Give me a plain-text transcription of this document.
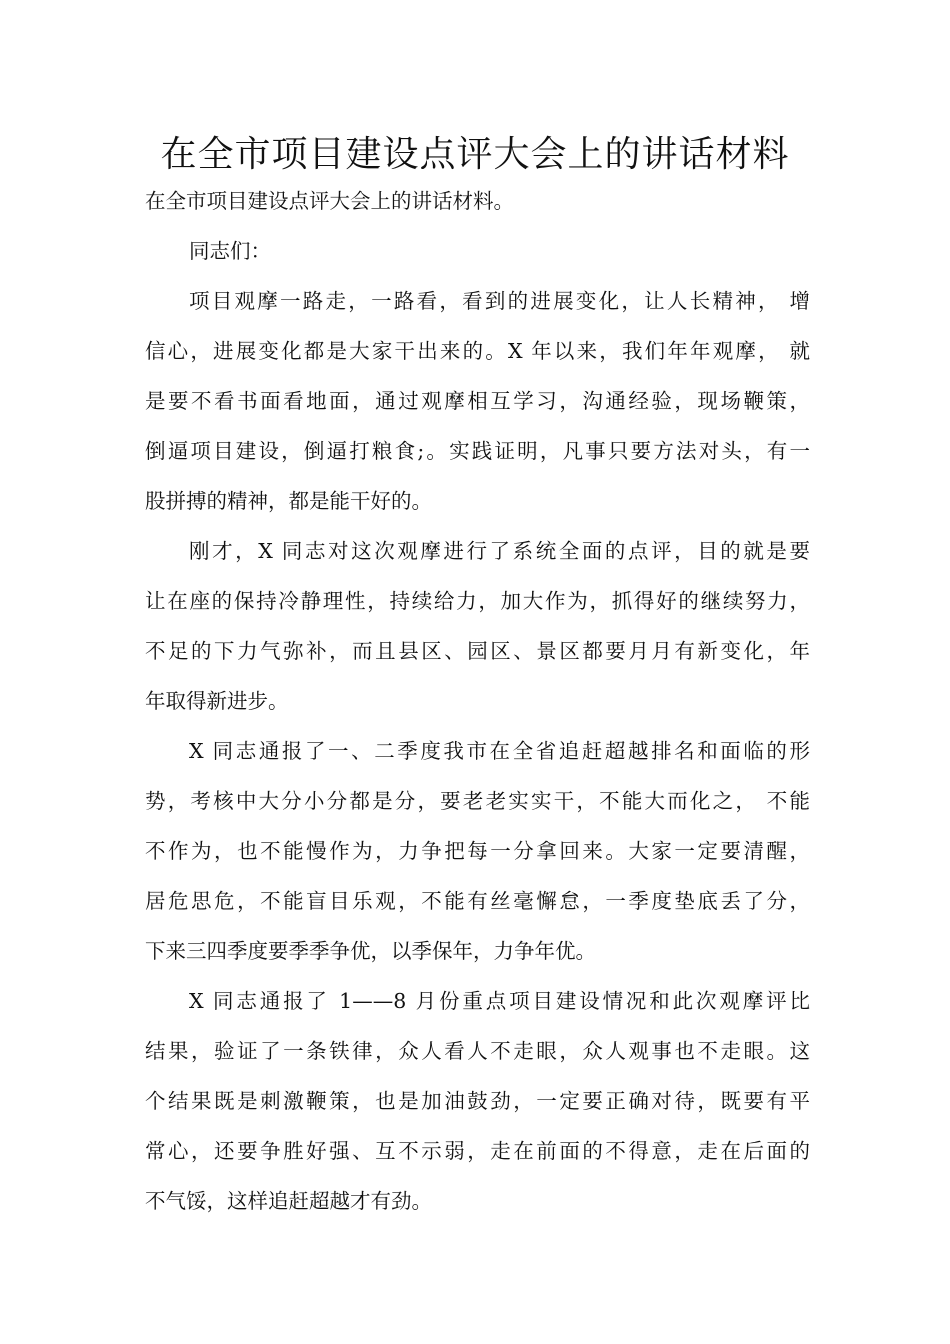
在全市项目建设点评大会上的讲话材料

在全市项目建设点评大会上的讲话材料。

同志们：

项目观摩一路走，一路看，看到的进展变化，让人长精神， 增

信心，进展变化都是大家干出来的。X 年以来，我们年年观摩， 就

是要不看书面看地面，通过观摩相互学习，沟通经验，现场鞭策，

倒逼项目建设，倒逼打粮食;。实践证明，凡事只要方法对头，有一

股拼搏的精神，都是能干好的。

刚才，X 同志对这次观摩进行了系统全面的点评，目的就是要

让在座的保持冷静理性，持续给力，加大作为，抓得好的继续努力，

不足的下力气弥补，而且县区、园区、景区都要月月有新变化，年

年取得新进步。

X 同志通报了一、二季度我市在全省追赶超越排名和面临的形

势，考核中大分小分都是分，要老老实实干，不能大而化之， 不能

不作为，也不能慢作为，力争把每一分拿回来。大家一定要清醒，

居危思危，不能盲目乐观，不能有丝毫懈怠，一季度垫底丢了分，

下来三四季度要季季争优，以季保年，力争年优。

X 同志通报了 1——8 月份重点项目建设情况和此次观摩评比

结果，验证了一条铁律，众人看人不走眼，众人观事也不走眼。这

个结果既是刺激鞭策，也是加油鼓劲，一定要正确对待，既要有平

常心，还要争胜好强、互不示弱，走在前面的不得意，走在后面的

不气馁，这样追赶超越才有劲。
